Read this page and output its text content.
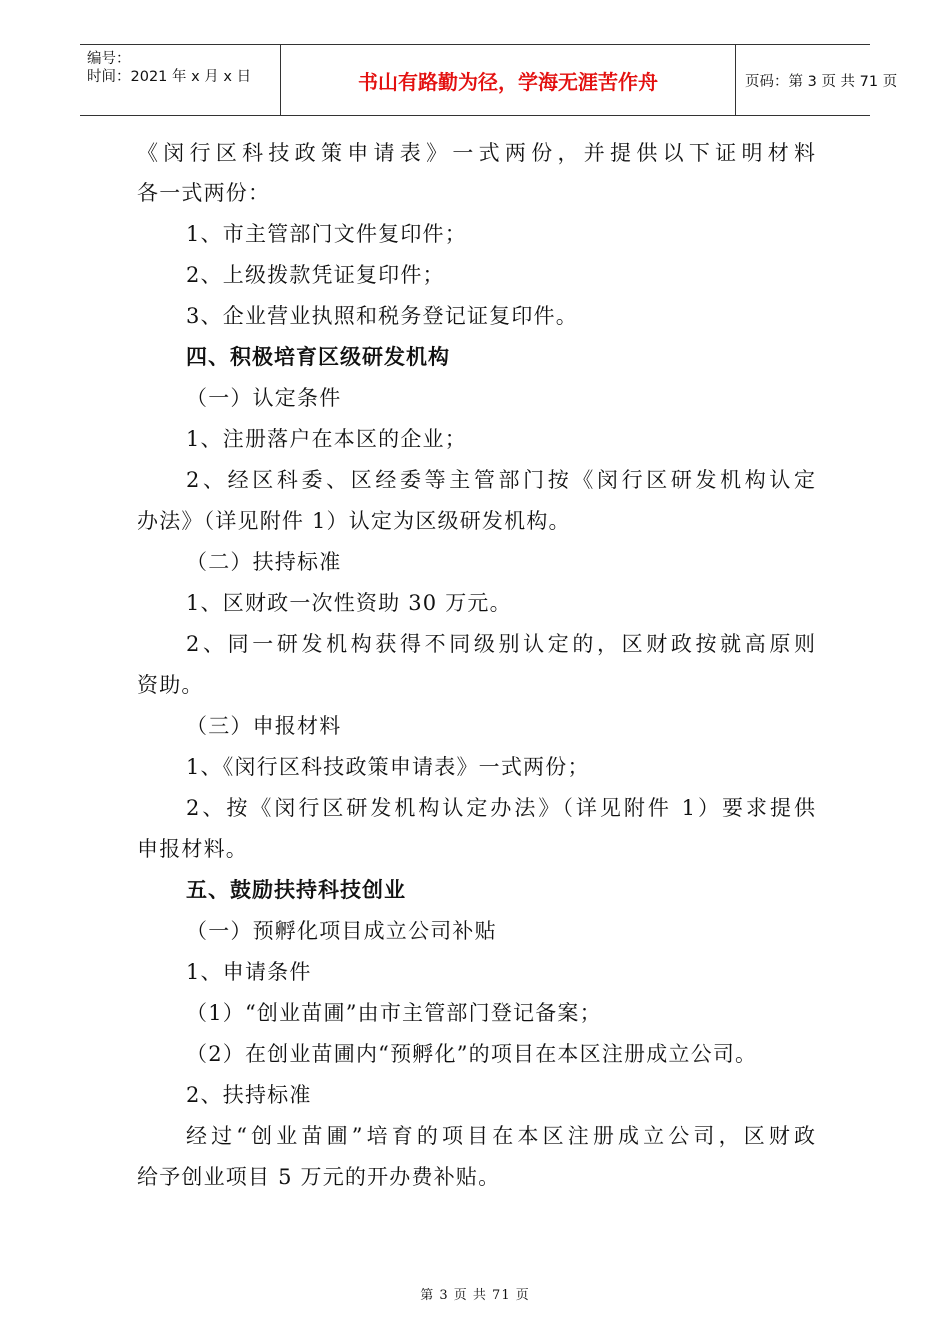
编号：
时间：2021 年 x 月 x 日	书山有路勤为径，学海无涯苦作舟	页码：第 3 页 共 71 页
《闵行区科技政策申请表》一式两份，并提供以下证明材料
各一式两份：
1、市主管部门文件复印件；
2、上级拨款凭证复印件；
3、企业营业执照和税务登记证复印件。
四、积极培育区级研发机构
（一）认定条件
1、注册落户在本区的企业；
2、经区科委、区经委等主管部门按《闵行区研发机构认定
办法》（详见附件 1）认定为区级研发机构。
（二）扶持标准
1、区财政一次性资助 30 万元。
2、同一研发机构获得不同级别认定的，区财政按就高原则
资助。
（三）申报材料
1、《闵行区科技政策申请表》一式两份；
2、按《闵行区研发机构认定办法》（详见附件 1）要求提供
申报材料。
五、鼓励扶持科技创业
（一）预孵化项目成立公司补贴
1、申请条件
（1）“创业苗圃”由市主管部门登记备案；
（2）在创业苗圃内“预孵化”的项目在本区注册成立公司。
2、扶持标准
经过“创业苗圃”培育的项目在本区注册成立公司，区财政
给予创业项目 5 万元的开办费补贴。
第 3 页 共 71 页
